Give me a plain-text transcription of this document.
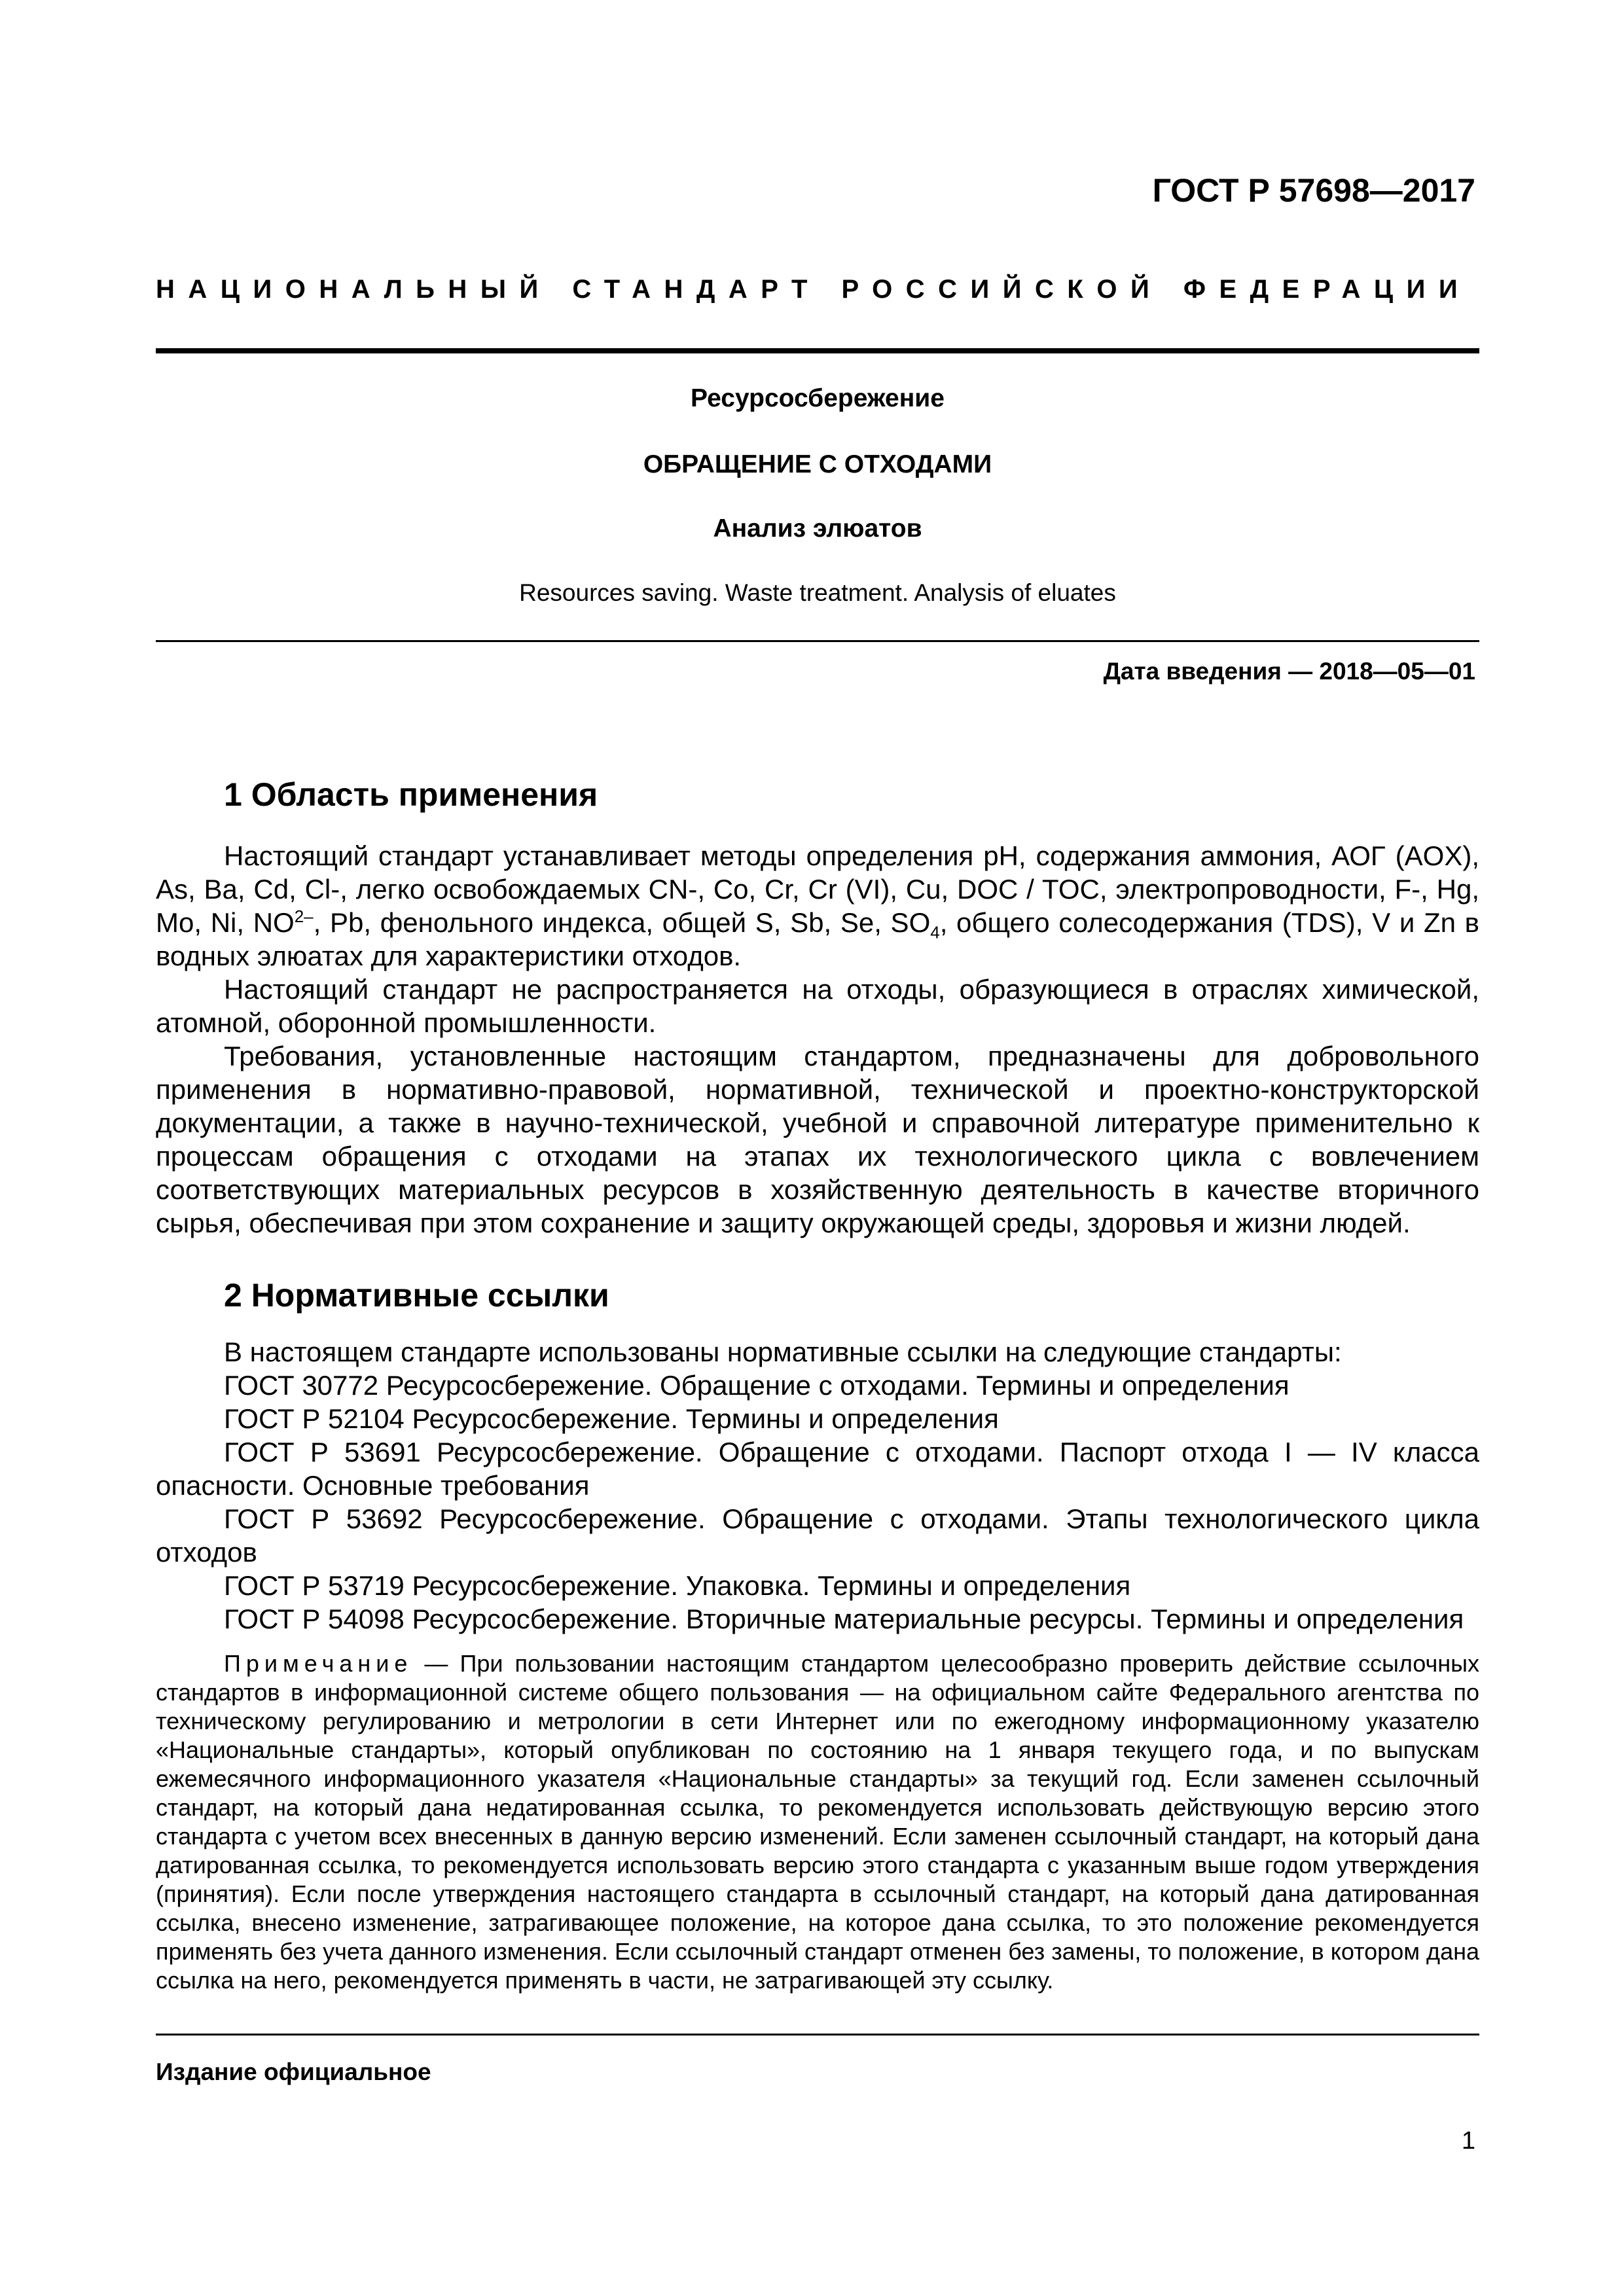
ГОСТ Р 57698—2017
НАЦИОНАЛЬНЫЙ СТАНДАРТ РОССИЙСКОЙ ФЕДЕРАЦИИ
Ресурсосбережение
ОБРАЩЕНИЕ С ОТХОДАМИ
Анализ элюатов
Resources saving. Waste treatment. Analysis of eluates
Дата введения — 2018—05—01
1 Область применения

Настоящий стандарт устанавливает методы определения pH, содержания аммония, АОГ (AOX), As, Ba, Cd, Cl-, легко освобождаемых CN-, Co, Cr, Cr (VI), Cu, DOC / TOC, электропроводности, F-, Hg, Mo, Ni, $NO^{2-}$, Pb, фенольного индекса, общей S, Sb, Se, $SO_4$, общего солесодержания (TDS), V и Zn в водных элюатах для характеристики отходов.

Настоящий стандарт не распространяется на отходы, образующиеся в отраслях химической, атомной, оборонной промышленности.

Требования, установленные настоящим стандартом, предназначены для добровольного применения в нормативно-правовой, нормативной, технической и проектно-конструкторской документации, а также в научно-технической, учебной и справочной литературе применительно к процессам обращения с отходами на этапах их технологического цикла с вовлечением соответствующих материальных ресурсов в хозяйственную деятельность в качестве вторичного сырья, обеспечивая при этом сохранение и защиту окружающей среды, здоровья и жизни людей.

2 Нормативные ссылки

В настоящем стандарте использованы нормативные ссылки на следующие стандарты:

ГОСТ 30772 Ресурсосбережение. Обращение с отходами. Термины и определения

ГОСТ Р 52104 Ресурсосбережение. Термины и определения

ГОСТ Р 53691 Ресурсосбережение. Обращение с отходами. Паспорт отхода I — IV класса опасности. Основные требования

ГОСТ Р 53692 Ресурсосбережение. Обращение с отходами. Этапы технологического цикла отходов

ГОСТ Р 53719 Ресурсосбережение. Упаковка. Термины и определения

ГОСТ Р 54098 Ресурсосбережение. Вторичные материальные ресурсы. Термины и определения

Примечание — При пользовании настоящим стандартом целесообразно проверить действие ссылочных стандартов в информационной системе общего пользования — на официальном сайте Федерального агентства по техническому регулированию и метрологии в сети Интернет или по ежегодному информационному указателю «Национальные стандарты», который опубликован по состоянию на 1 января текущего года, и по выпускам ежемесячного информационного указателя «Национальные стандарты» за текущий год. Если заменен ссылочный стандарт, на который дана недатированная ссылка, то рекомендуется использовать действующую версию этого стандарта с учетом всех внесенных в данную версию изменений. Если заменен ссылочный стандарт, на который дана датированная ссылка, то рекомендуется использовать версию этого стандарта с указанным выше годом утверждения (принятия). Если после утверждения настоящего стандарта в ссылочный стандарт, на который дана датированная ссылка, внесено изменение, затрагивающее положение, на которое дана ссылка, то это положение рекомендуется применять без учета данного изменения. Если ссылочный стандарт отменен без замены, то положение, в котором дана ссылка на него, рекомендуется применять в части, не затрагивающей эту ссылку.
Издание официальное
1
